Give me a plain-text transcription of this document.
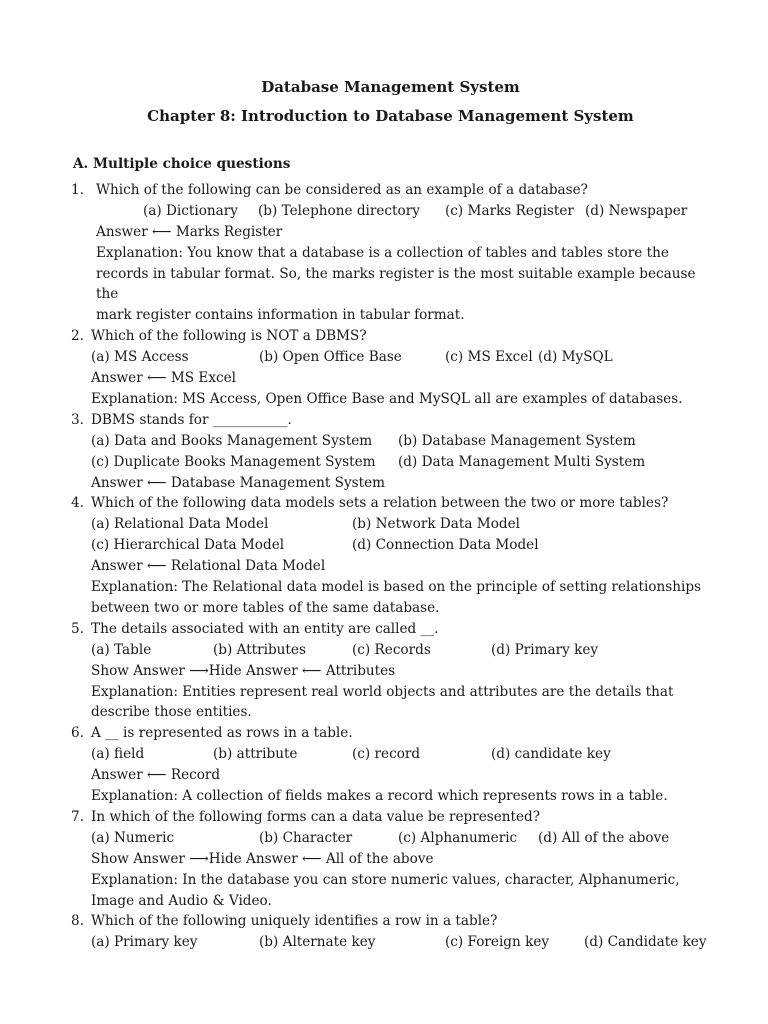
Database Management System
Chapter 8: Introduction to Database Management System
A. Multiple choice questions
1. Which of the following can be considered as an example of a database?

(a) Dictionary (b) Telephone directory (c) Marks Register (d) Newspaper

Answer ⟵ Marks Register

Explanation: You know that a database is a collection of tables and tables store the

records in tabular format. So, the marks register is the most suitable example because the

mark register contains information in tabular format.

2. Which of the following is NOT a DBMS?

(a) MS Access	(b) Open Office Base	(c) MS Excel (d) MySQL

Answer ⟵ MS Excel

Explanation: MS Access, Open Office Base and MySQL all are examples of databases.

3. DBMS stands for ___________.

(a) Data and Books Management System (b) Database Management System
(c) Duplicate Books Management System (d) Data Management Multi System

Answer ⟵ Database Management System

4. Which of the following data models sets a relation between the two or more tables?

(a) Relational Data Model	(b) Network Data Model
(c) Hierarchical Data Model	(d) Connection Data Model

Answer ⟵ Relational Data Model

Explanation: The Relational data model is based on the principle of setting relationships

between two or more tables of the same database.

5. The details associated with an entity are called __.

(a) Table	(b) Attributes	(c) Records	(d) Primary key

Show Answer ⟶Hide Answer ⟵ Attributes

Explanation: Entities represent real world objects and attributes are the details that

describe those entities.

6. A __ is represented as rows in a table.

(a) field	(b) attribute	(c) record	(d) candidate key

Answer ⟵ Record

Explanation: A collection of fields makes a record which represents rows in a table.

7. In which of the following forms can a data value be represented?

(a) Numeric	(b) Character	(c) Alphanumeric (d) All of the above

Show Answer ⟶Hide Answer ⟵ All of the above

Explanation: In the database you can store numeric values, character, Alphanumeric,

Image and Audio & Video.

8. Which of the following uniquely identifies a row in a table?

(a) Primary key	(b) Alternate key	(c) Foreign key	(d) Candidate key
